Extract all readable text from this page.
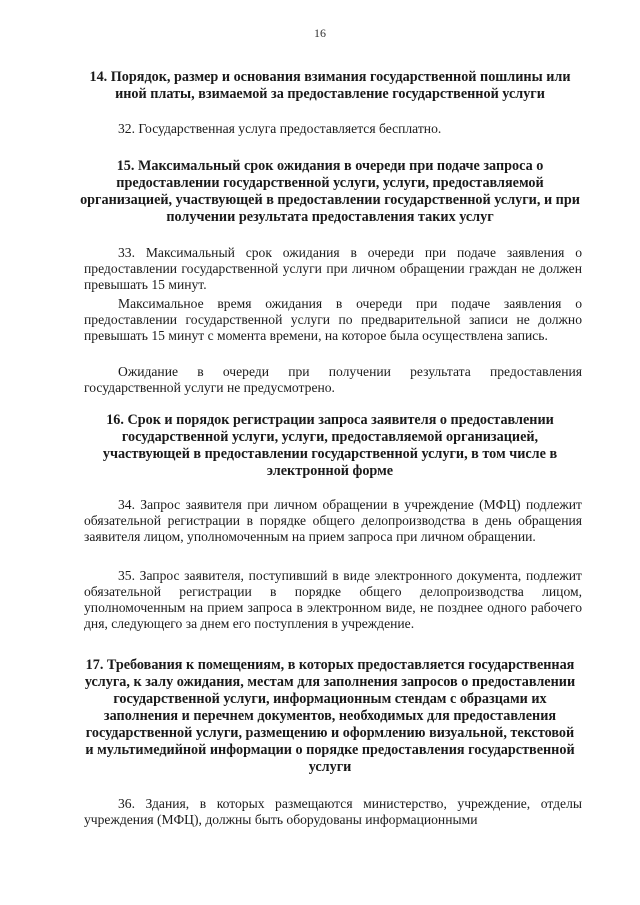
16
14. Порядок, размер и основания взимания государственной пошлины или иной платы, взимаемой за предоставление государственной услуги

32. Государственная услуга предоставляется бесплатно.

15. Максимальный срок ожидания в очереди при подаче запроса о предоставлении государственной услуги, услуги, предоставляемой организацией, участвующей в предоставлении государственной услуги, и при получении результата предоставления таких услуг

33. Максимальный срок ожидания в очереди при подаче заявления о предоставлении государственной услуги при личном обращении граждан не должен превышать 15 минут.

Максимальное время ожидания в очереди при подаче заявления о предоставлении государственной услуги по предварительной записи не должно превышать 15 минут с момента времени, на которое была осуществлена запись.

Ожидание в очереди при получении результата предоставления государственной услуги не предусмотрено.

16. Срок и порядок регистрации запроса заявителя о предоставлении государственной услуги, услуги, предоставляемой организацией, участвующей в предоставлении государственной услуги, в том числе в электронной форме

34. Запрос заявителя при личном обращении в учреждение (МФЦ) подлежит обязательной регистрации в порядке общего делопроизводства в день обращения заявителя лицом, уполномоченным на прием запроса при личном обращении.

35. Запрос заявителя, поступивший в виде электронного документа, подлежит обязательной регистрации в порядке общего делопроизводства лицом, уполномоченным на прием запроса в электронном виде, не позднее одного рабочего дня, следующего за днем его поступления в учреждение.

17. Требования к помещениям, в которых предоставляется государственная услуга, к залу ожидания, местам для заполнения запросов о предоставлении государственной услуги, информационным стендам с образцами их заполнения и перечнем документов, необходимых для предоставления государственной услуги, размещению и оформлению визуальной, текстовой и мультимедийной информации о порядке предоставления государственной услуги

36. Здания, в которых размещаются министерство, учреждение, отделы учреждения (МФЦ), должны быть оборудованы информационными
